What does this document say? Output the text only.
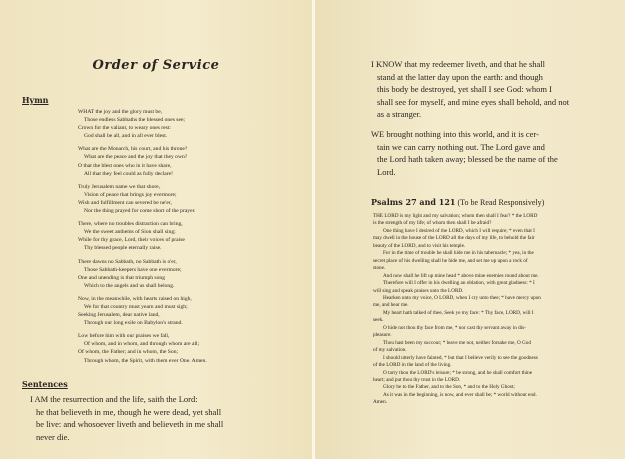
Order of Service
Hymn
WHAT the joy and the glory must be,
Those endless Sabbaths the blessed ones see;
Crown for the valiant, to weary ones rest:
God shall be all, and in all ever blest.
What are the Monarch, his court, and his throne?
What are the peace and the joy that they own?
O that the blest ones who in it have share,
All that they feel could as fully declare!
Truly Jerusalem name we that shore,
Vision of peace that brings joy evermore;
Wish and fulfillment can severed be ne'er,
Nor the thing prayed for come short of the prayer.
There, where no troubles distraction can bring,
We the sweet anthems of Sion shall sing;
While for thy grace, Lord, their voices of praise
Thy blessed people eternally raise.
There dawns no Sabbath, no Sabbath is o'er,
Those Sabbath-keepers have one evermore;
One and unending is that triumph song
Which to the angels and us shall belong.
Now, in the meanwhile, with hearts raised on high,
We for that country must yearn and must sigh;
Seeking Jerusalem, dear native land,
Through our long exile on Babylon's strand.
Low before him with our praises we fall,
Of whom, and in whom, and through whom are all;
Of whom, the Father; and in whom, the Son;
Through whom, the Spirit, with them ever One. Amen.
Sentences
I AM the resurrection and the life, saith the Lord:
he that believeth in me, though he were dead, yet shall
be live: and whosoever liveth and believeth in me shall
never die.
I KNOW that my redeemer liveth, and that he shall
stand at the latter day upon the earth: and though
this body be destroyed, yet shall I see God: whom I
shall see for myself, and mine eyes shall behold, and not
as a stranger.
WE brought nothing into this world, and it is cer-
tain we can carry nothing out. The Lord gave and
the Lord hath taken away; blessed be the name of the
Lord.
Psalms 27 and 121 (To be Read Responsively)
THE LORD is my light and my salvation; whom then shall I fear? * the LORD
is the strength of my life; of whom then shall I be afraid?
One thing have I desired of the LORD, which I will require; * even that I
may dwell in the house of the LORD all the days of my life, to behold the fair
beauty of the LORD, and to visit his temple.
For in the time of trouble he shall hide me in his tabernacle; * yea, in the
secret place of his dwelling shall he hide me, and set me up upon a rock of
stone.
And now shall he lift up mine head * above mine enemies round about me.
Therefore will I offer in his dwelling an oblation, with great gladness: * I
will sing and speak praises unto the LORD.
Hearken unto my voice, O LORD, when I cry unto thee; * have mercy upon
me, and hear me.
My heart hath talked of thee, Seek ye my face: * Thy face, LORD, will I
seek.
O hide not thou thy face from me, * nor cast thy servant away in dis-
pleasure.
Thou hast been my succour; * leave me not, neither forsake me, O God
of my salvation.
I should utterly have fainted, * but that I believe verily to see the goodness
of the LORD in the land of the living.
O tarry thou the LORD's leisure; * be strong, and he shall comfort thine
heart; and put thou thy trust in the LORD.
Glory be to the Father, and to the Son, * and to the Holy Ghost;
As it was in the beginning, is now, and ever shall be; * world without end.
Amen.
